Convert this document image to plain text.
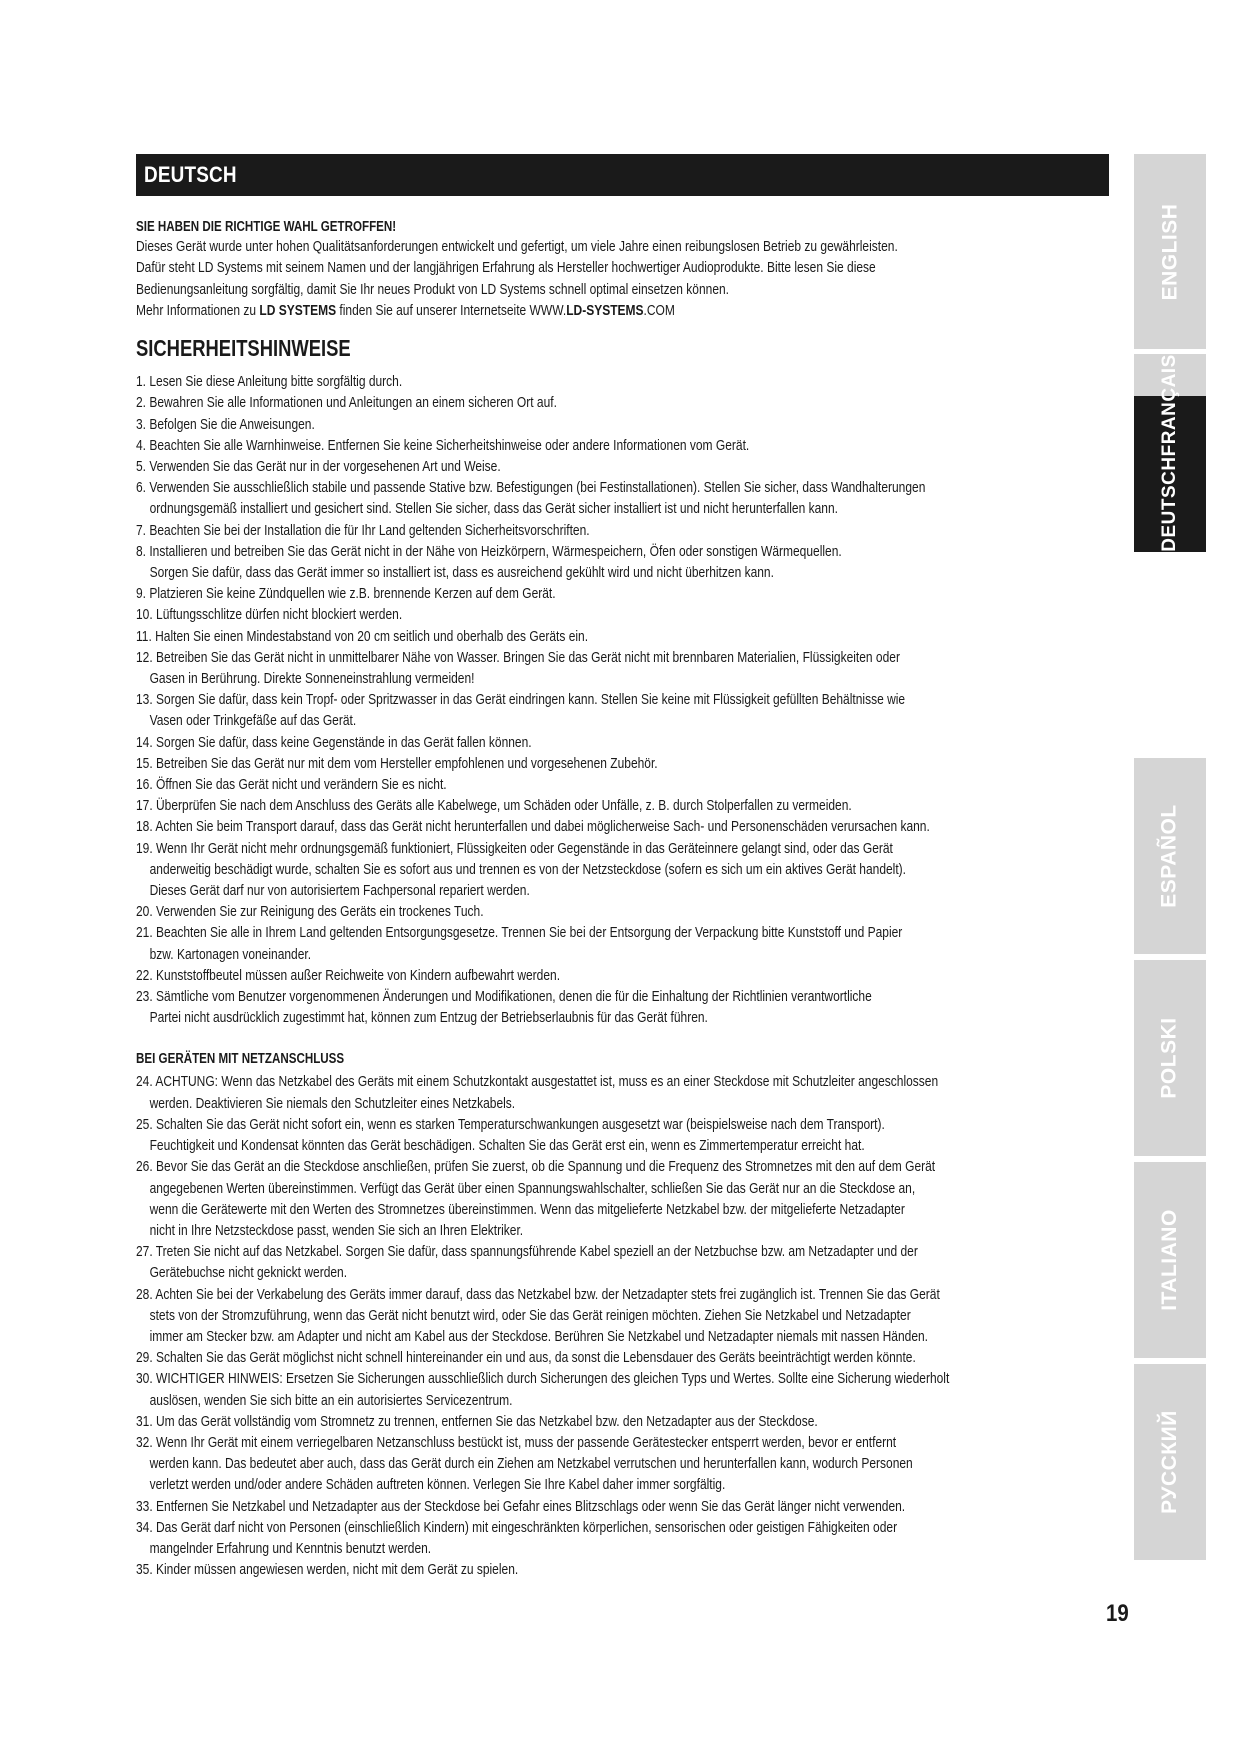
DEUTSCH
SIE HABEN DIE RICHTIGE WAHL GETROFFEN!
Dieses Gerät wurde unter hohen Qualitätsanforderungen entwickelt und gefertigt, um viele Jahre einen reibungslosen Betrieb zu gewährleisten.
Dafür steht LD Systems mit seinem Namen und der langjährigen Erfahrung als Hersteller hochwertiger Audioprodukte. Bitte lesen Sie diese
Bedienungsanleitung sorgfältig, damit Sie Ihr neues Produkt von LD Systems schnell optimal einsetzen können.
Mehr Informationen zu LD SYSTEMS finden Sie auf unserer Internetseite WWW.LD-SYSTEMS.COM
SICHERHEITSHINWEISE
1. Lesen Sie diese Anleitung bitte sorgfältig durch.
2. Bewahren Sie alle Informationen und Anleitungen an einem sicheren Ort auf.
3. Befolgen Sie die Anweisungen.
4. Beachten Sie alle Warnhinweise. Entfernen Sie keine Sicherheitshinweise oder andere Informationen vom Gerät.
5. Verwenden Sie das Gerät nur in der vorgesehenen Art und Weise.
6. Verwenden Sie ausschließlich stabile und passende Stative bzw. Befestigungen (bei Festinstallationen). Stellen Sie sicher, dass Wandhalterungen
ordnungsgemäß installiert und gesichert sind. Stellen Sie sicher, dass das Gerät sicher installiert ist und nicht herunterfallen kann.
7. Beachten Sie bei der Installation die für Ihr Land geltenden Sicherheitsvorschriften.
8. Installieren und betreiben Sie das Gerät nicht in der Nähe von Heizkörpern, Wärmespeichern, Öfen oder sonstigen Wärmequellen.
Sorgen Sie dafür, dass das Gerät immer so installiert ist, dass es ausreichend gekühlt wird und nicht überhitzen kann.
9. Platzieren Sie keine Zündquellen wie z.B. brennende Kerzen auf dem Gerät.
10. Lüftungsschlitze dürfen nicht blockiert werden.
11. Halten Sie einen Mindestabstand von 20 cm seitlich und oberhalb des Geräts ein.
12. Betreiben Sie das Gerät nicht in unmittelbarer Nähe von Wasser. Bringen Sie das Gerät nicht mit brennbaren Materialien, Flüssigkeiten oder
Gasen in Berührung. Direkte Sonneneinstrahlung vermeiden!
13. Sorgen Sie dafür, dass kein Tropf- oder Spritzwasser in das Gerät eindringen kann. Stellen Sie keine mit Flüssigkeit gefüllten Behältnisse wie
Vasen oder Trinkgefäße auf das Gerät.
14. Sorgen Sie dafür, dass keine Gegenstände in das Gerät fallen können.
15. Betreiben Sie das Gerät nur mit dem vom Hersteller empfohlenen und vorgesehenen Zubehör.
16. Öffnen Sie das Gerät nicht und verändern Sie es nicht.
17. Überprüfen Sie nach dem Anschluss des Geräts alle Kabelwege, um Schäden oder Unfälle, z. B. durch Stolperfallen zu vermeiden.
18. Achten Sie beim Transport darauf, dass das Gerät nicht herunterfallen und dabei möglicherweise Sach- und Personenschäden verursachen kann.
19. Wenn Ihr Gerät nicht mehr ordnungsgemäß funktioniert, Flüssigkeiten oder Gegenstände in das Geräteinnere gelangt sind, oder das Gerät
anderweitig beschädigt wurde, schalten Sie es sofort aus und trennen es von der Netzsteckdose (sofern es sich um ein aktives Gerät handelt).
Dieses Gerät darf nur von autorisiertem Fachpersonal repariert werden.
20. Verwenden Sie zur Reinigung des Geräts ein trockenes Tuch.
21. Beachten Sie alle in Ihrem Land geltenden Entsorgungsgesetze. Trennen Sie bei der Entsorgung der Verpackung bitte Kunststoff und Papier
bzw. Kartonagen voneinander.
22. Kunststoffbeutel müssen außer Reichweite von Kindern aufbewahrt werden.
23. Sämtliche vom Benutzer vorgenommenen Änderungen und Modifikationen, denen die für die Einhaltung der Richtlinien verantwortliche
Partei nicht ausdrücklich zugestimmt hat, können zum Entzug der Betriebserlaubnis für das Gerät führen.
BEI GERÄTEN MIT NETZANSCHLUSS
24. ACHTUNG: Wenn das Netzkabel des Geräts mit einem Schutzkontakt ausgestattet ist, muss es an einer Steckdose mit Schutzleiter angeschlossen
werden. Deaktivieren Sie niemals den Schutzleiter eines Netzkabels.
25. Schalten Sie das Gerät nicht sofort ein, wenn es starken Temperaturschwankungen ausgesetzt war (beispielsweise nach dem Transport).
Feuchtigkeit und Kondensat könnten das Gerät beschädigen. Schalten Sie das Gerät erst ein, wenn es Zimmertemperatur erreicht hat.
26. Bevor Sie das Gerät an die Steckdose anschließen, prüfen Sie zuerst, ob die Spannung und die Frequenz des Stromnetzes mit den auf dem Gerät
angegebenen Werten übereinstimmen. Verfügt das Gerät über einen Spannungswahlschalter, schließen Sie das Gerät nur an die Steckdose an,
wenn die Gerätewerte mit den Werten des Stromnetzes übereinstimmen. Wenn das mitgelieferte Netzkabel bzw. der mitgelieferte Netzadapter
nicht in Ihre Netzsteckdose passt, wenden Sie sich an Ihren Elektriker.
27. Treten Sie nicht auf das Netzkabel. Sorgen Sie dafür, dass spannungsführende Kabel speziell an der Netzbuchse bzw. am Netzadapter und der
Gerätebuchse nicht geknickt werden.
28. Achten Sie bei der Verkabelung des Geräts immer darauf, dass das Netzkabel bzw. der Netzadapter stets frei zugänglich ist. Trennen Sie das Gerät
stets von der Stromzuführung, wenn das Gerät nicht benutzt wird, oder Sie das Gerät reinigen möchten. Ziehen Sie Netzkabel und Netzadapter
immer am Stecker bzw. am Adapter und nicht am Kabel aus der Steckdose. Berühren Sie Netzkabel und Netzadapter niemals mit nassen Händen.
29. Schalten Sie das Gerät möglichst nicht schnell hintereinander ein und aus, da sonst die Lebensdauer des Geräts beeinträchtigt werden könnte.
30. WICHTIGER HINWEIS: Ersetzen Sie Sicherungen ausschließlich durch Sicherungen des gleichen Typs und Wertes. Sollte eine Sicherung wiederholt
auslösen, wenden Sie sich bitte an ein autorisiertes Servicezentrum.
31. Um das Gerät vollständig vom Stromnetz zu trennen, entfernen Sie das Netzkabel bzw. den Netzadapter aus der Steckdose.
32. Wenn Ihr Gerät mit einem verriegelbaren Netzanschluss bestückt ist, muss der passende Gerätestecker entsperrt werden, bevor er entfernt
werden kann. Das bedeutet aber auch, dass das Gerät durch ein Ziehen am Netzkabel verrutschen und herunterfallen kann, wodurch Personen
verletzt werden und/oder andere Schäden auftreten können. Verlegen Sie Ihre Kabel daher immer sorgfältig.
33. Entfernen Sie Netzkabel und Netzadapter aus der Steckdose bei Gefahr eines Blitzschlags oder wenn Sie das Gerät länger nicht verwenden.
34. Das Gerät darf nicht von Personen (einschließlich Kindern) mit eingeschränkten körperlichen, sensorischen oder geistigen Fähigkeiten oder
mangelnder Erfahrung und Kenntnis benutzt werden.
35. Kinder müssen angewiesen werden, nicht mit dem Gerät zu spielen.
ENGLISH
DEUTSCHFRANÇAIS
ESPAÑOL
POLSKI
ITALIANO
РУССКИЙ
19
